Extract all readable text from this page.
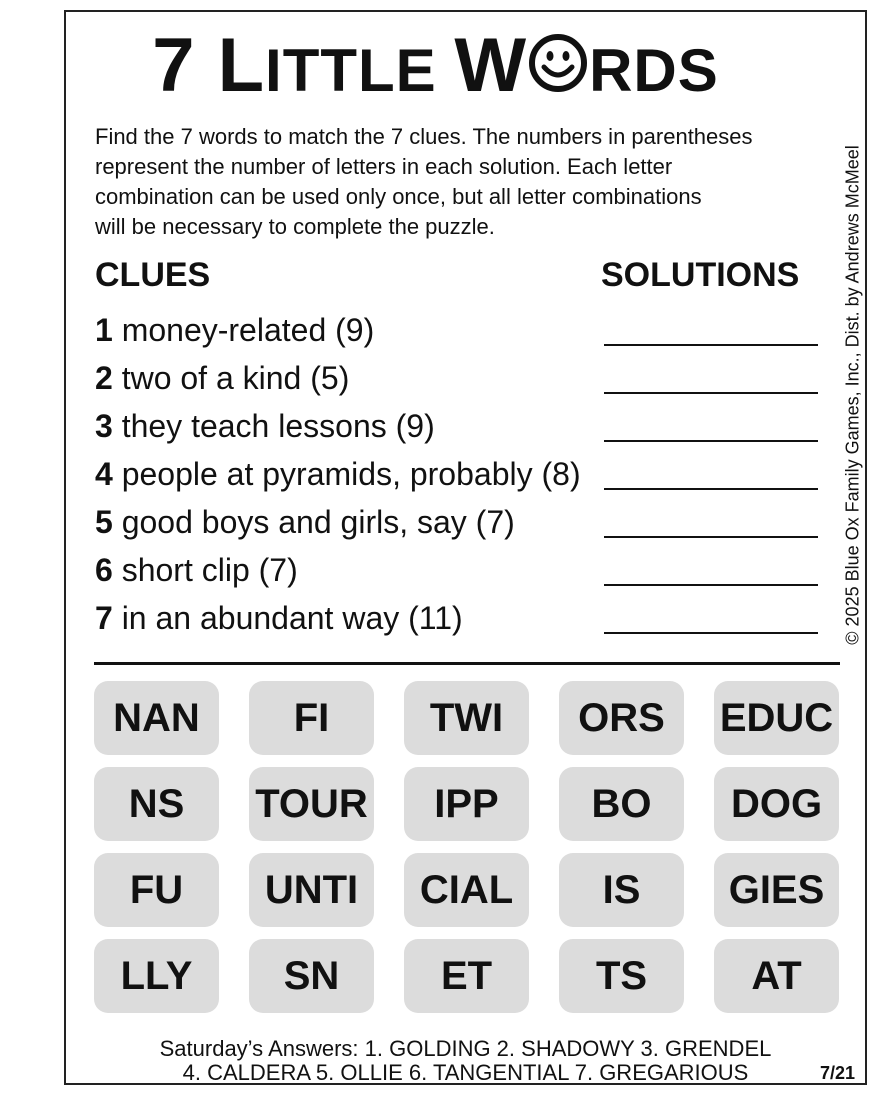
7 LITTLE W RDS
Find the 7 words to match the 7 clues. The numbers in parentheses
represent the number of letters in each solution. Each letter
combination can be used only once, but all letter combinations
will be necessary to complete the puzzle.
CLUES	SOLUTIONS
1 money-related (9)
2 two of a kind (5)
3 they teach lessons (9)
4 people at pyramids, probably (8)
5 good boys and girls, say (7)
6 short clip (7)
7 in an abundant way (11)	© 2025 Blue Ox Family Games, Inc., Dist. by Andrews McMeel
NAN	FI	TWI	ORS	EDUC
NS	TOUR	IPP	BO	DOG
FU	UNTI	CIAL	IS	GIES
LLY	SN	ET	TS	AT
Saturday’s Answers: 1. GOLDING 2. SHADOWY 3. GRENDEL
4. CALDERA 5. OLLIE 6. TANGENTIAL 7. GREGARIOUS	7/21
